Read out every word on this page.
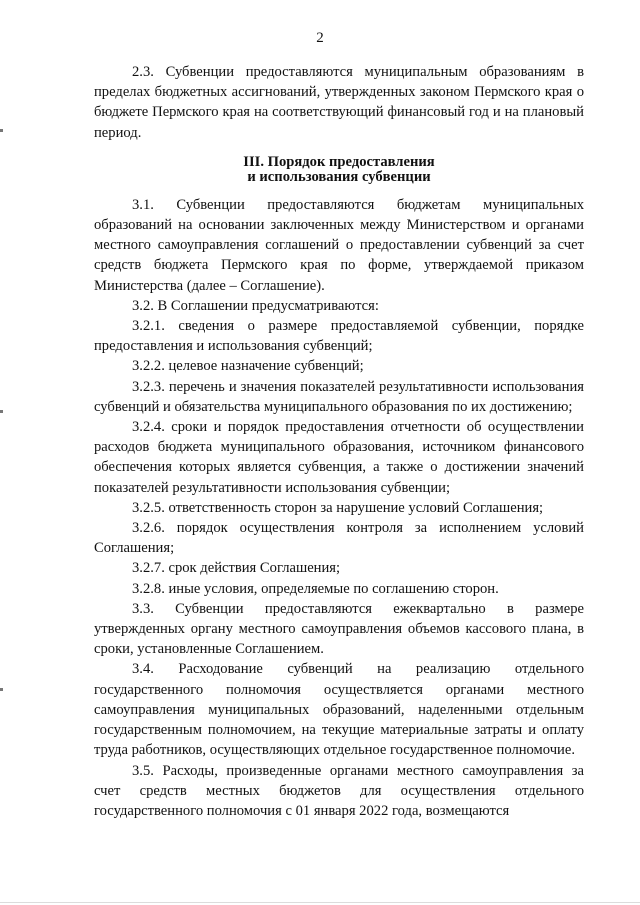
2

2.3. Субвенции предоставляются муниципальным образованиям в пределах бюджетных ассигнований, утвержденных законом Пермского края о бюджете Пермского края на соответствующий финансовый год и на плановый период.

III. Порядок предоставления
и использования субвенции

3.1. Субвенции предоставляются бюджетам муниципальных образований на основании заключенных между Министерством и органами местного самоуправления соглашений о предоставлении субвенций за счет средств бюджета Пермского края по форме, утверждаемой приказом Министерства (далее – Соглашение).

3.2. В Соглашении предусматриваются:

3.2.1. сведения о размере предоставляемой субвенции, порядке предоставления и использования субвенций;

3.2.2. целевое назначение субвенций;

3.2.3. перечень и значения показателей результативности использования субвенций и обязательства муниципального образования по их достижению;

3.2.4. сроки и порядок предоставления отчетности об осуществлении расходов бюджета муниципального образования, источником финансового обеспечения которых является субвенция, а также о достижении значений показателей результативности использования субвенции;

3.2.5. ответственность сторон за нарушение условий Соглашения;

3.2.6. порядок осуществления контроля за исполнением условий Соглашения;

3.2.7. срок действия Соглашения;

3.2.8. иные условия, определяемые по соглашению сторон.

3.3. Субвенции предоставляются ежеквартально в размере утвержденных органу местного самоуправления объемов кассового плана, в сроки, установленные Соглашением.

3.4. Расходование субвенций на реализацию отдельного государственного полномочия осуществляется органами местного самоуправления муниципальных образований, наделенными отдельным государственным полномочием, на текущие материальные затраты и оплату труда работников, осуществляющих отдельное государственное полномочие.

3.5. Расходы, произведенные органами местного самоуправления за счет средств местных бюджетов для осуществления отдельного государственного полномочия с 01 января 2022 года, возмещаются
